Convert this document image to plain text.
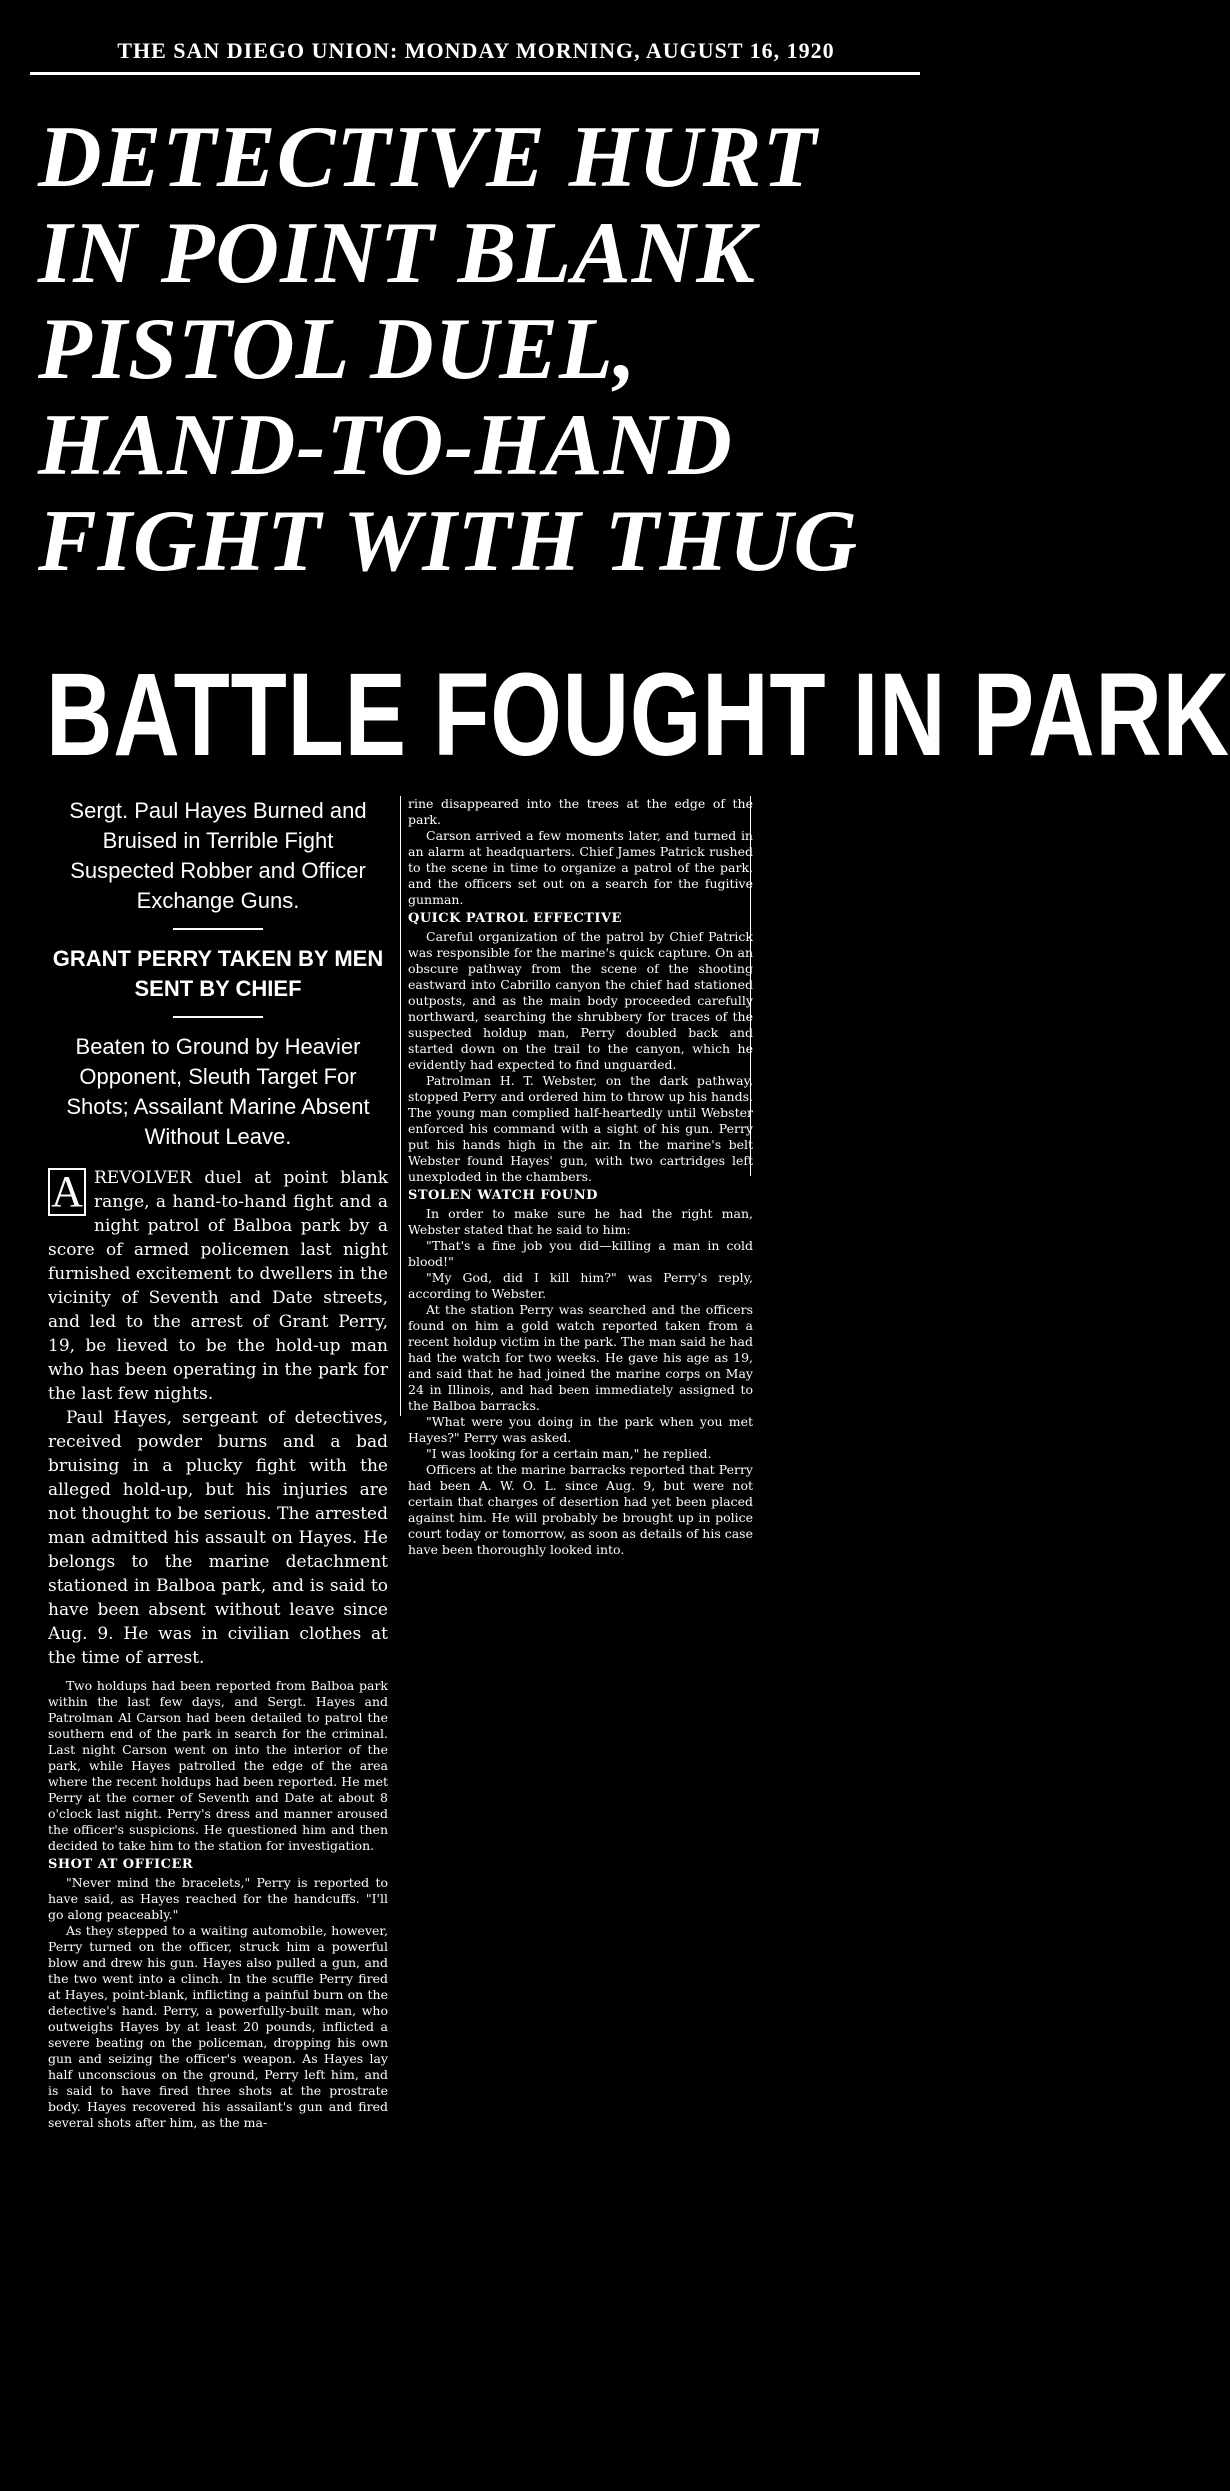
THE SAN DIEGO UNION: MONDAY MORNING, AUGUST 16, 1920
DETECTIVE HURT
IN POINT BLANK
PISTOL DUEL,
HAND-TO-HAND
FIGHT WITH THUG
BATTLE FOUGHT IN PARK

Sergt. Paul Hayes Burned and Bruised in Terrible Fight Suspected Robber and Officer Exchange Guns.

GRANT PERRY TAKEN BY MEN SENT BY CHIEF

Beaten to Ground by Heavier Opponent, Sleuth Target For Shots; Assailant Marine Absent Without Leave.

A REVOLVER duel at point blank range, a hand-to-hand fight and a night patrol of Balboa park by a score of armed policemen last night furnished excitement to dwellers in the vicinity of Seventh and Date streets, and led to the arrest of Grant Perry, 19, be lieved to be the hold-up man who has been operating in the park for the last few nights.

Paul Hayes, sergeant of detectives, received powder burns and a bad bruising in a plucky fight with the alleged hold-up, but his injuries are not thought to be serious. The arrested man admitted his assault on Hayes. He belongs to the marine detachment stationed in Balboa park, and is said to have been absent without leave since Aug. 9. He was in civilian clothes at the time of arrest.

Two holdups had been reported from Balboa park within the last few days, and Sergt. Hayes and Patrolman Al Carson had been detailed to patrol the southern end of the park in search for the criminal. Last night Carson went on into the interior of the park, while Hayes patrolled the edge of the area where the recent holdups had been reported. He met Perry at the corner of Seventh and Date at about 8 o'clock last night. Perry's dress and manner aroused the officer's suspicions. He questioned him and then decided to take him to the station for investigation.

SHOT AT OFFICER

"Never mind the bracelets," Perry is reported to have said, as Hayes reached for the handcuffs. "I'll go along peaceably."

As they stepped to a waiting automobile, however, Perry turned on the officer, struck him a powerful blow and drew his gun. Hayes also pulled a gun, and the two went into a clinch. In the scuffle Perry fired at Hayes, point-blank, inflicting a painful burn on the detective's hand. Perry, a powerfully-built man, who outweighs Hayes by at least 20 pounds, inflicted a severe beating on the policeman, dropping his own gun and seizing the officer's weapon. As Hayes lay half unconscious on the ground, Perry left him, and is said to have fired three shots at the prostrate body. Hayes recovered his assailant's gun and fired several shots after him, as the ma-

rine disappeared into the trees at the edge of the park.

Carson arrived a few moments later, and turned in an alarm at headquarters. Chief James Patrick rushed to the scene in time to organize a patrol of the park, and the officers set out on a search for the fugitive gunman.

QUICK PATROL EFFECTIVE

Careful organization of the patrol by Chief Patrick was responsible for the marine's quick capture. On an obscure pathway from the scene of the shooting eastward into Cabrillo canyon the chief had stationed outposts, and as the main body proceeded carefully northward, searching the shrubbery for traces of the suspected holdup man, Perry doubled back and started down on the trail to the canyon, which he evidently had expected to find unguarded.

Patrolman H. T. Webster, on the dark pathway, stopped Perry and ordered him to throw up his hands. The young man complied half-heartedly until Webster enforced his command with a sight of his gun. Perry put his hands high in the air. In the marine's belt Webster found Hayes' gun, with two cartridges left unexploded in the chambers.

STOLEN WATCH FOUND

In order to make sure he had the right man, Webster stated that he said to him:

"That's a fine job you did—killing a man in cold blood!"

"My God, did I kill him?" was Perry's reply, according to Webster.

At the station Perry was searched and the officers found on him a gold watch reported taken from a recent holdup victim in the park. The man said he had had the watch for two weeks. He gave his age as 19, and said that he had joined the marine corps on May 24 in Illinois, and had been immediately assigned to the Balboa barracks.

"What were you doing in the park when you met Hayes?" Perry was asked.

"I was looking for a certain man," he replied.

Officers at the marine barracks reported that Perry had been A. W. O. L. since Aug. 9, but were not certain that charges of desertion had yet been placed against him. He will probably be brought up in police court today or tomorrow, as soon as details of his case have been thoroughly looked into.
